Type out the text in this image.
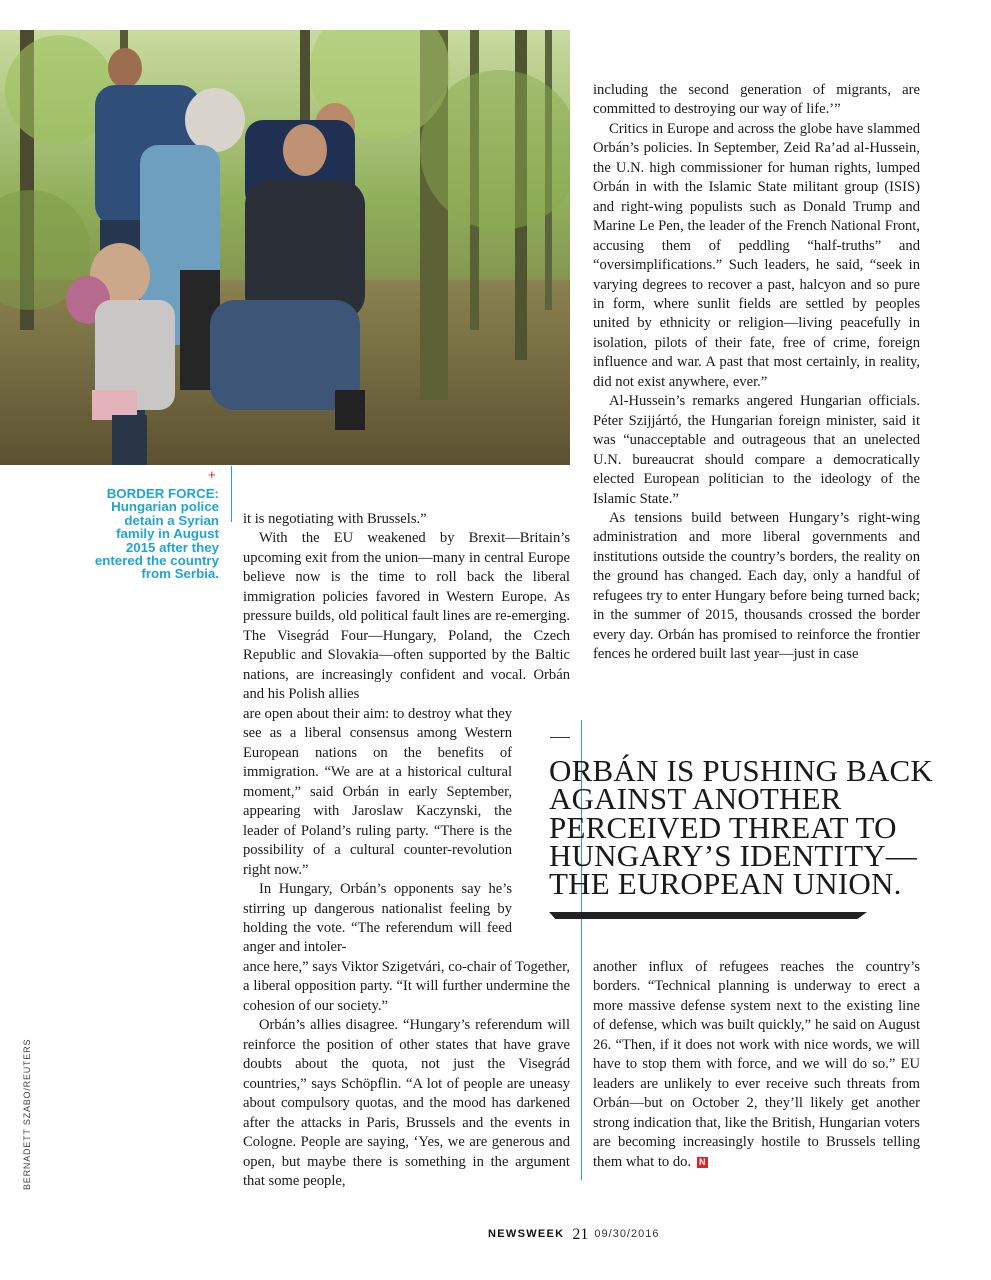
+
BORDER FORCE: Hungarian police detain a Syrian family in August 2015 after they entered the country from Serbia.
BERNADETT SZABO/REUTERS

it is negotiating with Brussels.”

With the EU weakened by Brexit—Britain’s upcoming exit from the union—many in central Europe believe now is the time to roll back the liberal immigration policies favored in Western Europe. As pressure builds, old political fault lines are re-emerging. The Visegrád Four—Hungary, Poland, the Czech Republic and Slovakia—often supported by the Baltic nations, are increasingly confident and vocal. Orbán and his Polish allies

are open about their aim: to destroy what they see as a liberal consensus among Western European nations on the benefits of immigration. “We are at a historical cultural moment,” said Orbán in early September, appearing with Jaroslaw Kaczynski, the leader of Poland’s ruling party. “There is the possibility of a cultural counter-revolution right now.”

In Hungary, Orbán’s opponents say he’s stirring up dangerous nationalist feeling by holding the vote. “The referendum will feed anger and intoler-

ance here,” says Viktor Szigetvári, co-chair of Together, a liberal opposition party. “It will further undermine the cohesion of our society.”

Orbán’s allies disagree. “Hungary’s referendum will reinforce the position of other states that have grave doubts about the quota, not just the Visegrád countries,” says Schöpflin. “A lot of people are uneasy about compulsory quotas, and the mood has darkened after the attacks in Paris, Brussels and the events in Cologne. People are saying, ‘Yes, we are generous and open, but maybe there is something in the argument that some people,

including the second generation of migrants, are committed to destroying our way of life.’”

Critics in Europe and across the globe have slammed Orbán’s policies. In September, Zeid Ra’ad al-Hussein, the U.N. high commissioner for human rights, lumped Orbán in with the Islamic State militant group (ISIS) and right-wing populists such as Donald Trump and Marine Le Pen, the leader of the French National Front, accusing them of peddling “half-truths” and “oversimplifications.” Such leaders, he said, “seek in varying degrees to recover a past, halcyon and so pure in form, where sunlit fields are settled by peoples united by ethnicity or religion—living peacefully in isolation, pilots of their fate, free of crime, foreign influence and war. A past that most certainly, in reality, did not exist anywhere, ever.”

Al-Hussein’s remarks angered Hungarian officials. Péter Szijjártó, the Hungarian foreign minister, said it was “unacceptable and outrageous that an unelected U.N. bureaucrat should compare a democratically elected European politician to the ideology of the Islamic State.”

As tensions build between Hungary’s right-wing administration and more liberal governments and institutions outside the country’s borders, the reality on the ground has changed. Each day, only a handful of refugees try to enter Hungary before being turned back; in the summer of 2015, thousands crossed the border every day. Orbán has promised to reinforce the frontier fences he ordered built last year—just in case

another influx of refugees reaches the country’s borders. “Technical planning is underway to erect a more massive defense system next to the existing line of defense, which was built quickly,” he said on August 26. “Then, if it does not work with nice words, we will have to stop them with force, and we will do so.” EU leaders are unlikely to ever receive such threats from Orbán—but on October 2, they’ll likely get another strong indication that, like the British, Hungarian voters are becoming increasingly hostile to Brussels telling them what to do. N

ORBÁN IS PUSHING BACK AGAINST ANOTHER PERCEIVED THREAT TO HUNGARY’S IDENTITY— THE EUROPEAN UNION.
NEWSWEEK 21 09/30/2016
